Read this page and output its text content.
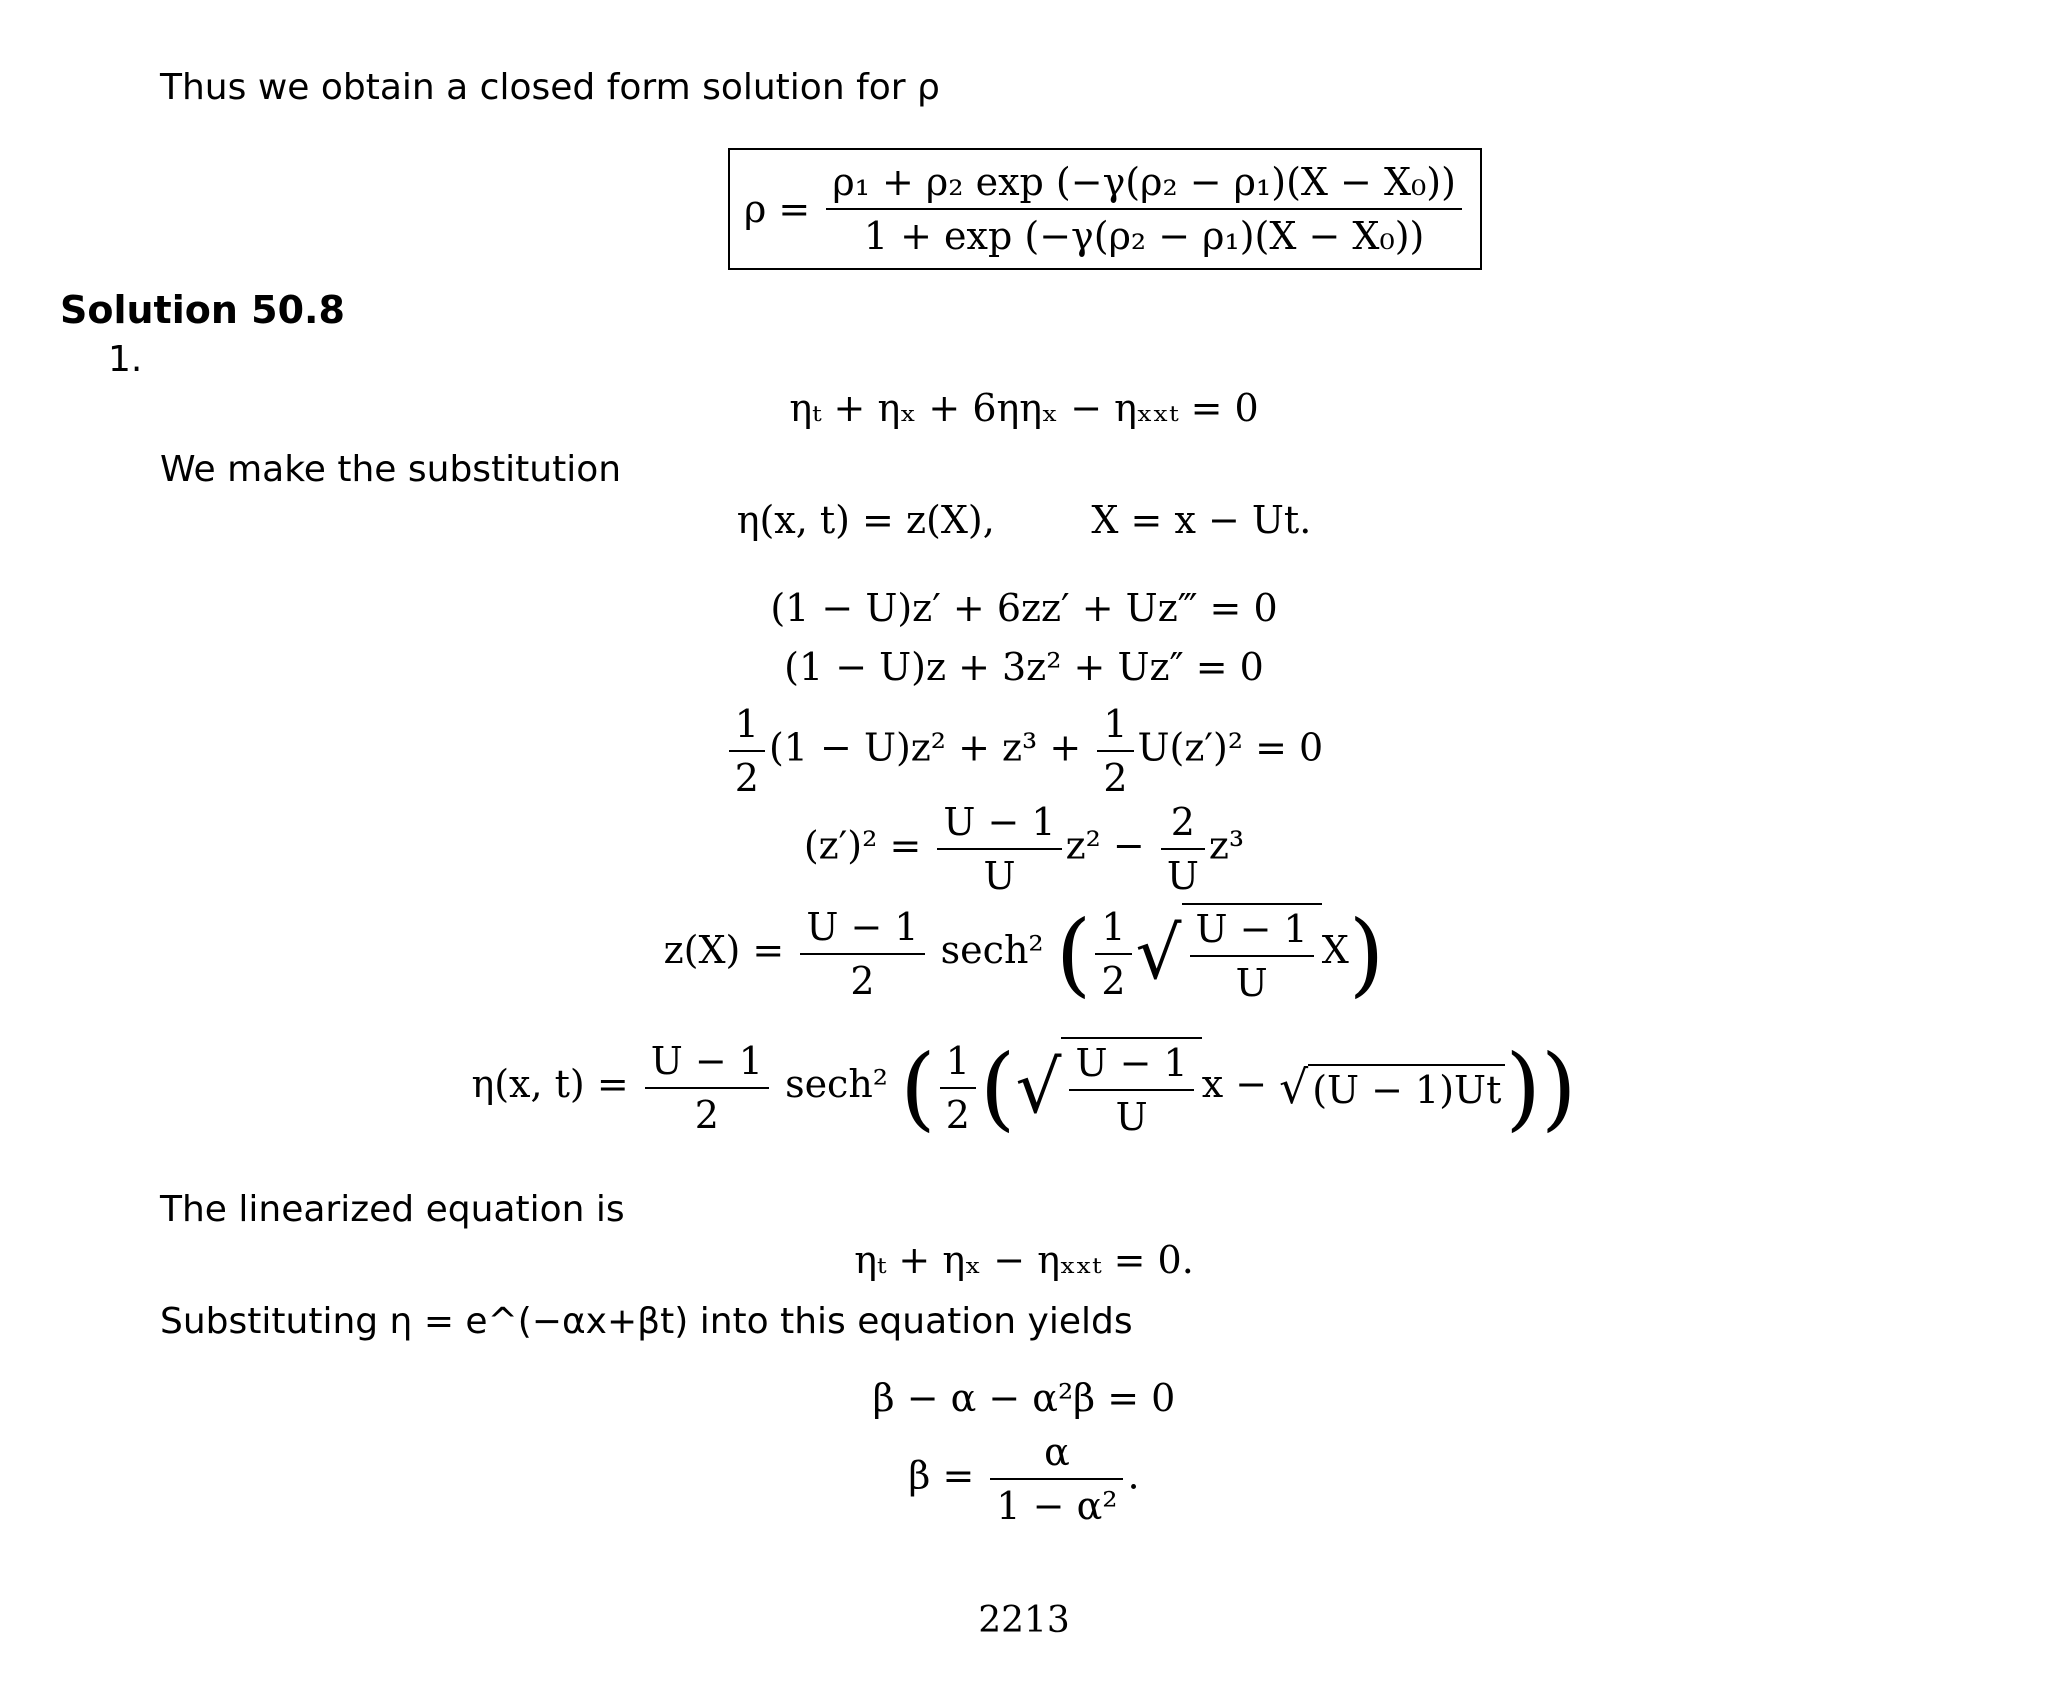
Thus we obtain a closed form solution for ρ
$\rho = \frac{\text{ρ₁ + ρ₂ exp (−γ(ρ₂ − ρ₁)(X − X₀))}}{\text{1 + exp (−γ(ρ₂ − ρ₁)(X − X₀))}}$
Solution 50.8
1.
ηₜ + ηₓ + 6ηηₓ − ηₓₓₜ = 0
We make the substitution
η(x, t) = z(X),        X = x − Ut.
(1 − U)z′ + 6zz′ + Uz‴ = 0
(1 − U)z + 3z² + Uz″ = 0
$\frac{1}{2} (1 - U)z^2 + z^3 + \frac{1}{2} U(z')^2 = 0$
$(z')^2 = \frac{U - 1}{U} z^2 - \frac{2}{U} z^3$
$z(X) = \frac{U - 1}{2} \sec h^2$ ( $\frac{1}{2}$ √ $\frac{U - 1}{U} X$)
η(x, $t) = \frac{U - 1}{2} \sec h^2$ ( $\frac{1}{2}$ (√ $\frac{U - 1}{U}$ x − √ (U − 1)Ut))
The linearized equation is
ηₜ + ηₓ − ηₓₓₜ = 0.
Substituting η = e^(−αx+βt) into this equation yields
β − α − α²β = 0
$\beta = \frac{\alpha}{\text{1 − α²}}$ .
2213
